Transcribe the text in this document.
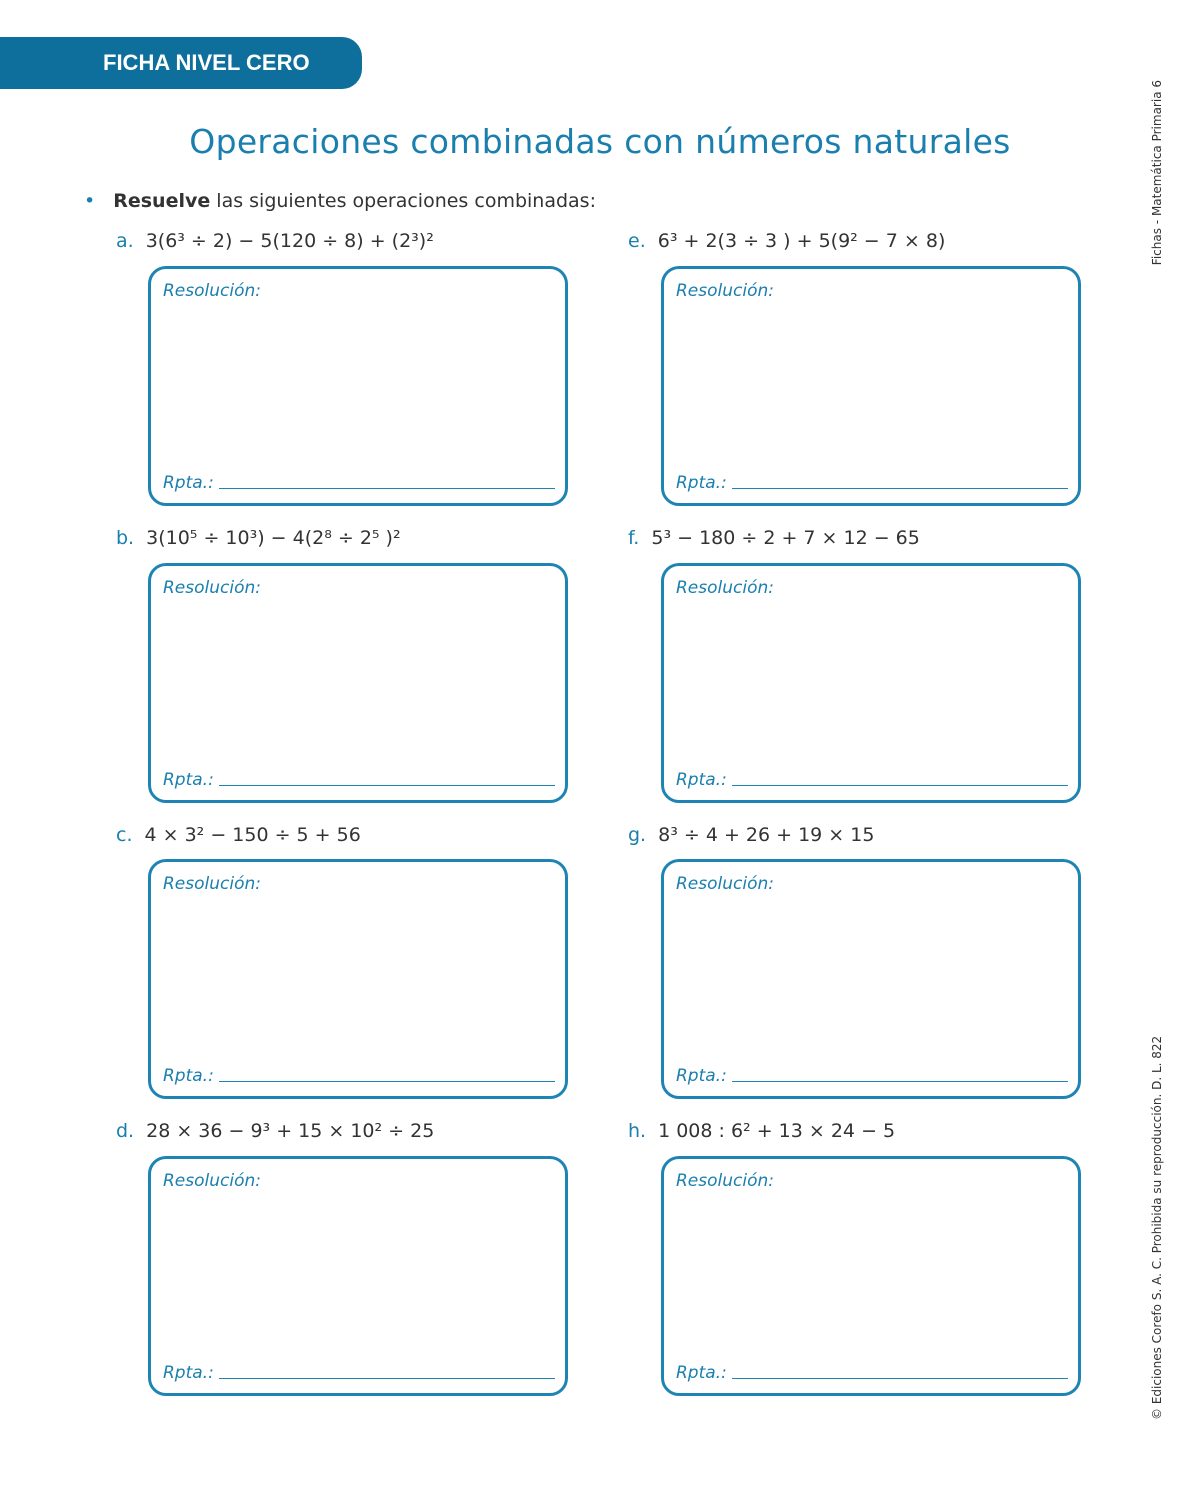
FICHA NIVEL CERO
Operaciones combinadas con números naturales
• Resuelve las siguientes operaciones combinadas:
a. 3(6³ ÷ 2) − 5(120 ÷ 8) + (2³)²
Resolución:
Rpta.:
e. 6³ + 2(3 ÷ 3 ) + 5(9² − 7 × 8)
Resolución:
Rpta.:
b. 3(10⁵ ÷ 10³) − 4(2⁸ ÷ 2⁵ )²
Resolución:
Rpta.:
f. 5³ − 180 ÷ 2 + 7 × 12 − 65
Resolución:
Rpta.:
c. 4 × 3² − 150 ÷ 5 + 56
Resolución:
Rpta.:
g. 8³ ÷ 4 + 26 + 19 × 15
Resolución:
Rpta.:
d. 28 × 36 − 9³ + 15 × 10² ÷ 25
Resolución:
Rpta.:
h. 1 008 : 6² + 13 × 24 − 5
Resolución:
Rpta.:
Fichas - Matemática Primaria 6
© Ediciones Corefo S. A. C. Prohibida su reproducción. D. L. 822
